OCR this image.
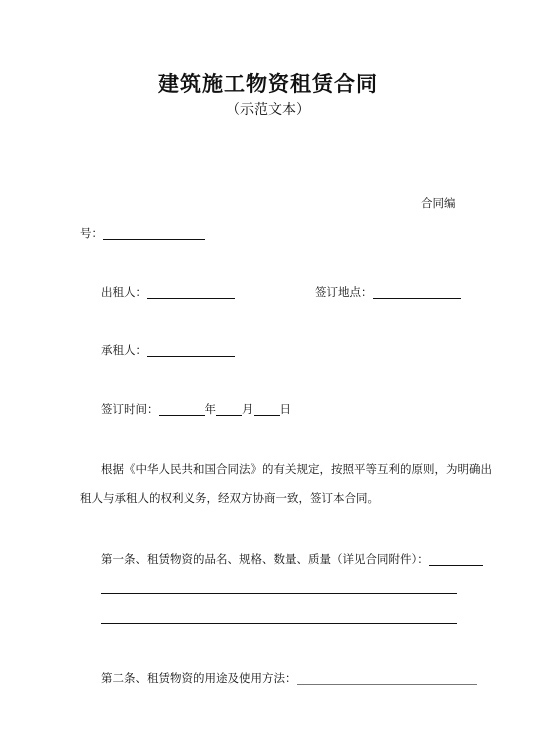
建筑施工物资租赁合同
（示范文本）
合同编
号：
出租人：	签订地点：
承租人：
签订时间：	年 月 日
根据《中华人民共和国合同法》的有关规定，按照平等互利的原则，为明确出
租人与承租人的权利义务，经双方协商一致，签订本合同。
第一条、租赁物资的品名、规格、数量、质量（详见合同附件）：
第二条、租赁物资的用途及使用方法：
